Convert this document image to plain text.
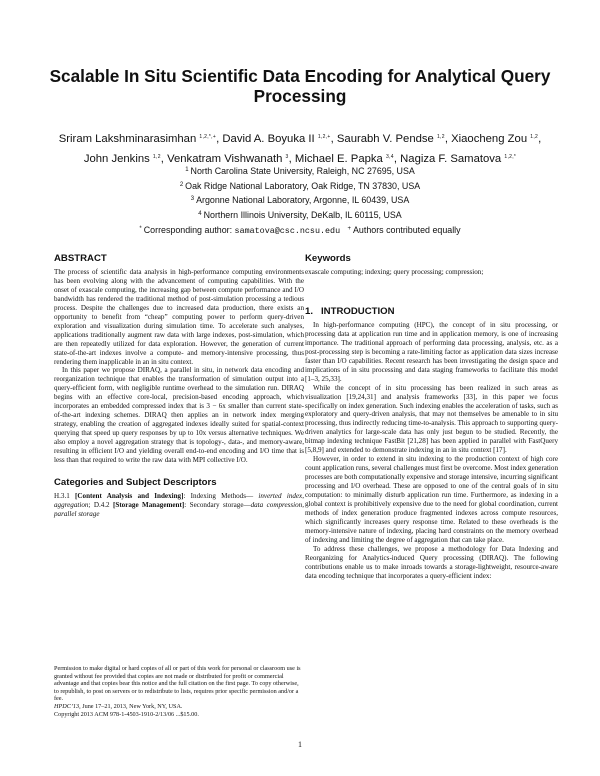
Scalable In Situ Scientific Data Encoding for Analytical Query Processing
Sriram Lakshminarasimhan $^{1,2,*,+}$, David A. Boyuka II $^{1,2,+}$, Saurabh V. Pendse $^{1,2}$, Xiaocheng Zou $^{1,2}$,
John Jenkins $^{1,2}$, Venkatram Vishwanath $^3$, Michael E. Papka $^{3,4}$, Nagiza F. Samatova $^{1,2,*}$
$^1$ North Carolina State University, Raleigh, NC 27695, USA
$^2$ Oak Ridge National Laboratory, Oak Ridge, TN 37830, USA
$^3$ Argonne National Laboratory, Argonne, IL 60439, USA
$^4$ Northern Illinois University, DeKalb, IL 60115, USA
* Corresponding author: samatova@csc.ncsu.edu + Authors contributed equally
ABSTRACT

The process of scientific data analysis in high-performance computing environments has been evolving along with the advancement of computing capabilities. With the onset of exascale computing, the increasing gap between compute performance and I/O bandwidth has rendered the traditional method of post-simulation processing a tedious process. Despite the challenges due to increased data production, there exists an opportunity to benefit from “cheap” computing power to perform query-driven exploration and visualization during simulation time. To accelerate such analyses, applications traditionally augment raw data with large indexes, post-simulation, which are then repeatedly utilized for data exploration. However, the generation of current state-of-the-art indexes involve a compute- and memory-intensive processing, thus rendering them inapplicable in an in situ context.

In this paper we propose DIRAQ, a parallel in situ, in network data encoding and reorganization technique that enables the transformation of simulation output into a query-efficient form, with negligible runtime overhead to the simulation run. DIRAQ begins with an effective core-local, precision-based encoding approach, which incorporates an embedded compressed index that is 3 − 6x smaller than current state-of-the-art indexing schemes. DIRAQ then applies an in network index merging strategy, enabling the creation of aggregated indexes ideally suited for spatial-context querying that speed up query responses by up to 10x versus alternative techniques. We also employ a novel aggregation strategy that is topology-, data-, and memory-aware, resulting in efficient I/O and yielding overall end-to-end encoding and I/O time that is less than that required to write the raw data with MPI collective I/O.

Categories and Subject Descriptors

H.3.1 [Content Analysis and Indexing]: Indexing Methods— inverted index, aggregation; D.4.2 [Storage Management]: Secondary storage—data compression, parallel storage

Permission to make digital or hard copies of all or part of this work for personal or classroom use is granted without fee provided that copies are not made or distributed for profit or commercial advantage and that copies bear this notice and the full citation on the first page. To copy otherwise, to republish, to post on servers or to redistribute to lists, requires prior specific permission and/or a fee.
HPDC’13, June 17–21, 2013, New York, NY, USA.
Copyright 2013 ACM 978-1-4503-1910-2/13/06 ...$15.00.
Keywords

exascale computing; indexing; query processing; compression;

1. INTRODUCTION

In high-performance computing (HPC), the concept of in situ processing, or processing data at application run time and in application memory, is one of increasing importance. The traditional approach of performing data processing, analysis, etc. as a post-processing step is becoming a rate-limiting factor as application data sizes increase faster than I/O capabilities. Recent research has been investigating the design space and implications of in situ processing and data staging frameworks to facilitate this model [1–3, 25,33].

While the concept of in situ processing has been realized in such areas as visualization [19,24,31] and analysis frameworks [33], in this paper we focus specifically on index generation. Such indexing enables the acceleration of tasks, such as exploratory and query-driven analysis, that may not themselves be amenable to in situ processing, thus indirectly reducing time-to-analysis. This approach to supporting query-driven analytics for large-scale data has only just begun to be studied. Recently, the bitmap indexing technique FastBit [21,28] has been applied in parallel with FastQuery [5,8,9] and extended to demonstrate indexing in an in situ context [17].

However, in order to extend in situ indexing to the production context of high core count application runs, several challenges must first be overcome. Most index generation processes are both computationally expensive and storage intensive, incurring significant processing and I/O overhead. These are opposed to one of the central goals of in situ computation: to minimally disturb application run time. Furthermore, as indexing in a global context is prohibitively expensive due to the need for global coordination, current methods of index generation produce fragmented indexes across compute resources, which significantly increases query response time. Related to these overheads is the memory-intensive nature of indexing, placing hard constraints on the memory overhead of indexing and limiting the degree of aggregation that can take place.

To address these challenges, we propose a methodology for Data Indexing and Reorganizing for Analytics-induced Query processing (DIRAQ). The following contributions enable us to make inroads towards a storage-lightweight, resource-aware data encoding technique that incorporates a query-efficient index:

1
